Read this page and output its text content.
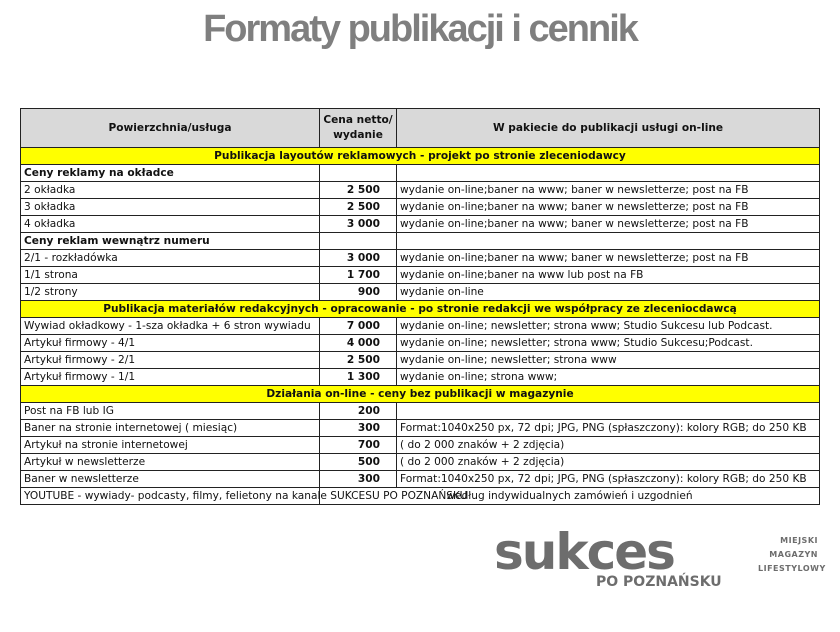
Formaty publikacji i cennik
Powierzchnia/usługa	Cena netto/ wydanie	W pakiecie do publikacji usługi on-line
Publikacja layoutów reklamowych - projekt po stronie zleceniodawcy		
Ceny reklamy na okładce		
2 okładka	2 500	wydanie on-line;baner na www; baner w newsletterze; post na FB
3 okładka	2 500	wydanie on-line;baner na www; baner w newsletterze; post na FB
4 okładka	3 000	wydanie on-line;baner na www; baner w newsletterze; post na FB
Ceny reklam wewnątrz numeru		
2/1 - rozkładówka	3 000	wydanie on-line;baner na www; baner w newsletterze; post na FB
1/1 strona	1 700	wydanie on-line;baner na www lub post na FB
1/2 strony	900	wydanie on-line
Publikacja materiałów redakcyjnych - opracowanie - po stronie redakcji we współpracy ze zleceniocdawcą		
Wywiad okładkowy - 1-sza okładka + 6 stron wywiadu	7 000	wydanie on-line; newsletter; strona www; Studio Sukcesu lub Podcast.
Artykuł firmowy - 4/1	4 000	wydanie on-line; newsletter; strona www; Studio Sukcesu;Podcast.
Artykuł firmowy - 2/1	2 500	wydanie on-line; newsletter; strona www
Artykuł firmowy - 1/1	1 300	wydanie on-line; strona www;
Działania on-line - ceny bez publikacji w magazynie		
Post na FB lub IG	200	
Baner na stronie internetowej ( miesiąc)	300	Format:1040x250 px, 72 dpi; JPG, PNG (spłaszczony): kolory RGB; do 250 KB
Artykuł na stronie internetowej	700	( do 2 000 znaków + 2 zdjęcia)
Artykuł w newsletterze	500	( do 2 000 znaków + 2 zdjęcia)
Baner w newsletterze	300	Format:1040x250 px, 72 dpi; JPG, PNG (spłaszczony): kolory RGB; do 250 KB
YOUTUBE - wywiady- podcasty, filmy, felietony na kanale SUKCESU PO POZNAŃSKU	według indywidualnych zamówień i uzgodnień	
sukces
PO POZNAŃSKU
MIEJSKI
MAGAZYN
LIFESTYLOWY
